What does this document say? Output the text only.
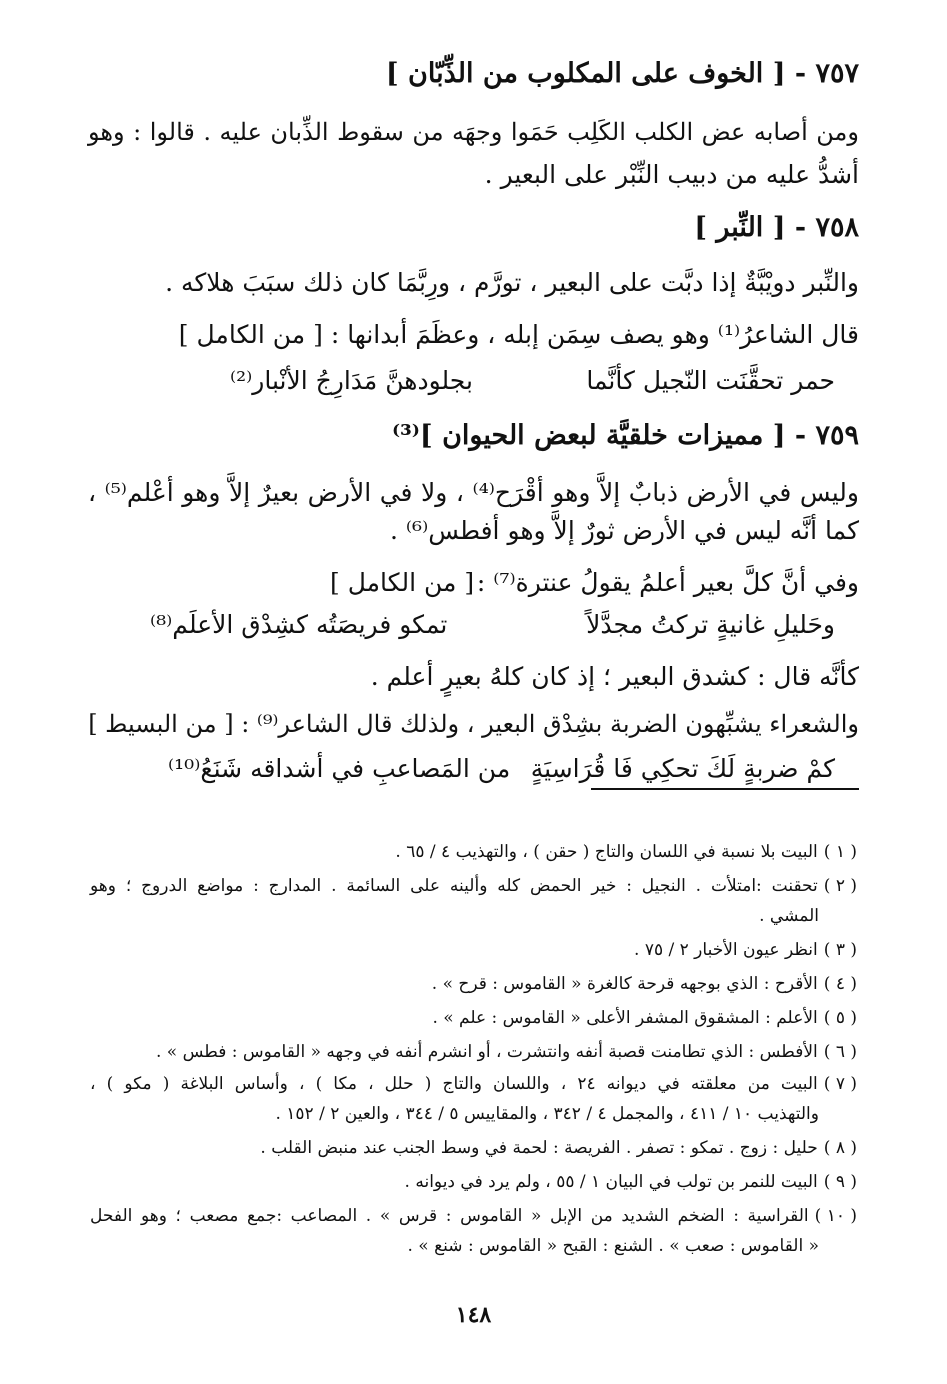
٧٥٧ - [ الخوف على المكلوب من الذِّبّان ]
ومن أصابه عض الكلب الكَلِب حَمَوا وجهَه من سقوط الذِّبان عليه . قالوا : وهو
أشدُّ عليه من دبيب النِّبْر على البعير .
٧٥٨ - [ النِّبر ]
والنِّبر دويْبَّةٌ إذا دبَّت على البعير ، تورَّم ، ورِبَّمَا كان ذلك سبَبَ هلاكه .
قال الشاعرُ⁽¹⁾ وهو يصف سِمَن إبله ، وعظَمَ أبدانها : [ من الكامل ]
حمر تحقَّنَت النّجيل كأنَّما
بجلودهنَّ مَدَارِجُ الأنْبار⁽²⁾
٧٥٩ - [ مميزات خلقيَّة لبعض الحيوان ]⁽³⁾
وليس في الأرض ذبابٌ إلاَّ وهو أقْرَح⁽⁴⁾ ، ولا في الأرض بعيرٌ إلاَّ وهو أعْلم⁽⁵⁾ ،
كما أنَّه ليس في الأرض ثورٌ إلاَّ وهو أفطس⁽⁶⁾ .
وفي أنَّ كلَّ بعير أعلمُ يقولُ عنترة⁽⁷⁾ :
[ من الكامل ]
وحَليلِ غانيةٍ تركتُ مجدَّلاً
تمكو فريصَتُه كشِدْق الأعلَم⁽⁸⁾
كأنَّه قال : كشدق البعير ؛ إذ كان كلهُ بعيرٍ أعلم .
والشعراء يشبِّهون الضربة بشِدْق البعير ، ولذلك قال الشاعر⁽⁹⁾ : [ من البسيط ]
كمْ ضربةٍ لَكَ تحكِي فَا قُرَاسِيَةٍ
من المَصاعبِ في أشداقه شَنَعُ⁽¹⁰⁾
( ١ )البيت بلا نسبة في اللسان والتاج ( حقن ) ، والتهذيب ٤ / ٦٥ .
( ٢ )تحقنت :امتلأت . النجيل : خير الحمض كله وألينه على السائمة . المدارج : مواضع الدروج ؛ وهو
المشي .
( ٣ )انظر عيون الأخبار ٢ / ٧٥ .
( ٤ )الأقرح : الذي بوجهه قرحة كالغرة « القاموس : قرح » .
( ٥ )الأعلم : المشقوق المشفر الأعلى « القاموس : علم » .
( ٦ )الأفطس : الذي تطامنت قصبة أنفه وانتشرت ، أو انشرم أنفه في وجهه « القاموس : فطس » .
( ٧ )البيت من معلقته في ديوانه ٢٤ ، واللسان والتاج ( حلل ، مكا ) ، وأساس البلاغة ( مكو ) ،
والتهذيب ١٠ / ٤١١ ، والمجمل ٤ / ٣٤٢ ، والمقاييس ٥ / ٣٤٤ ، والعين ٢ / ١٥٢ .
( ٨ )حليل : زوج . تمكو : تصفر . الفريصة : لحمة في وسط الجنب عند منبض القلب .
( ٩ )البيت للنمر بن تولب في البيان ١ / ٥٥ ، ولم يرد في ديوانه .
( ١٠ )القراسية : الضخم الشديد من الإبل « القاموس : قرس » . المصاعب :جمع مصعب ؛ وهو الفحل
« القاموس : صعب » . الشنع : القبح « القاموس : شنع » .
١٤٨
